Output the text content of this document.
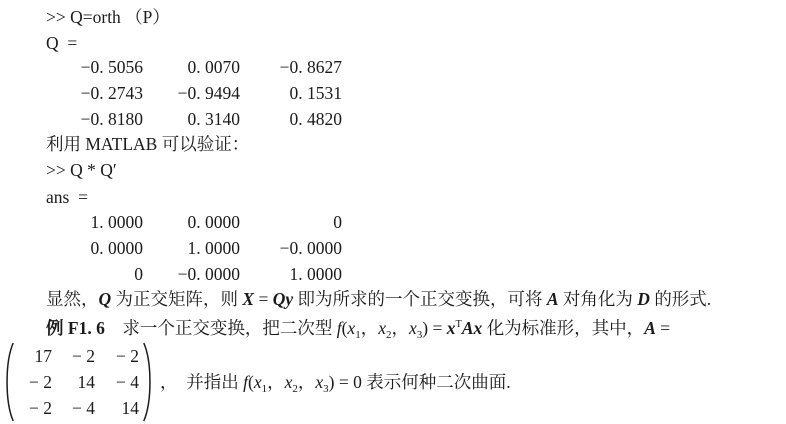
>> Q=orth （P）
Q  =
−0. 5056	0. 0070 −0. 8627
−0. 2743 −0. 9494	0. 1531
−0. 8180	0. 3140	0. 4820
利用 MATLAB 可以验证：
>> Q * Q′
ans  =
1. 0000	0. 0000	0
0. 0000	1. 0000 −0. 0000
0 −0. 0000	1. 0000
显然，Q 为正交矩阵，则 X = Qy 即为所求的一个正交变换，可将 A 对角化为 D 的形式.
例 F1. 6　求一个正交变换，把二次型 $f(x_1$，$x_2$，$x_3) = x^TAx$ 化为标准形，其中，A =
17 − 2 − 2
− 2 14 − 4
− 2 − 4 14
，　并指出 $f(x_1$，$x_2$，$x_3) = 0$ 表示何种二次曲面.
